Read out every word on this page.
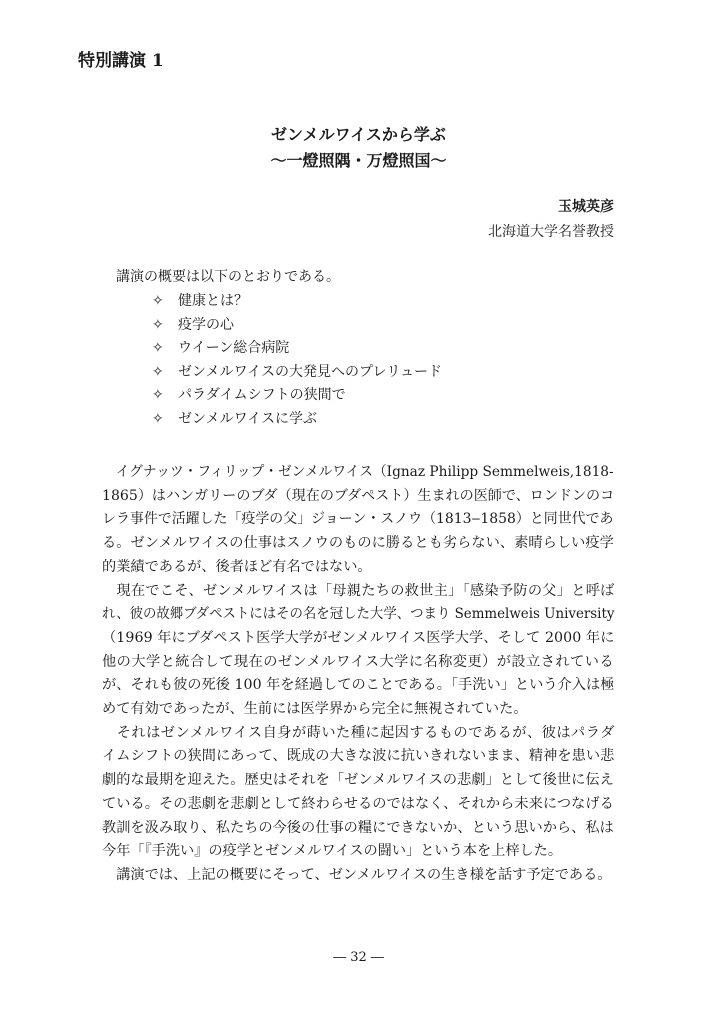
特別講演 1
ゼンメルワイスから学ぶ
〜一燈照隅・万燈照国〜
玉城英彦
北海道大学名誉教授
講演の概要は以下のとおりである。
✧ 健康とは？
✧ 疫学の心
✧ ウイーン総合病院
✧ ゼンメルワイスの大発見へのプレリュード
✧ パラダイムシフトの狭間で
✧ ゼンメルワイスに学ぶ
　イグナッツ・フィリップ・ゼンメルワイス（Ignaz Philipp Semmelweis,1818-
1865）はハンガリーのブダ（現在のブダペスト）生まれの医師で、ロンドンのコ
レラ事件で活躍した「疫学の父」ジョーン・スノウ（1813‒1858）と同世代であ
る。ゼンメルワイスの仕事はスノウのものに勝るとも劣らない、素晴らしい疫学
的業績であるが、後者ほど有名ではない。
　現在でこそ、ゼンメルワイスは「母親たちの救世主」「感染予防の父」と呼ば
れ、彼の故郷ブダペストにはその名を冠した大学、つまり Semmelweis University
（1969 年にブダペスト医学大学がゼンメルワイス医学大学、そして 2000 年に
他の大学と統合して現在のゼンメルワイス大学に名称変更）が設立されている
が、それも彼の死後 100 年を経過してのことである。「手洗い」という介入は極
めて有効であったが、生前には医学界から完全に無視されていた。
　それはゼンメルワイス自身が蒔いた種に起因するものであるが、彼はパラダ
イムシフトの狭間にあって、既成の大きな波に抗いきれないまま、精神を患い悲
劇的な最期を迎えた。歴史はそれを「ゼンメルワイスの悲劇」として後世に伝え
ている。その悲劇を悲劇として終わらせるのではなく、それから未来につなげる
教訓を汲み取り、私たちの今後の仕事の糧にできないか、という思いから、私は
今年「『手洗い』の疫学とゼンメルワイスの闘い」という本を上梓した。
　講演では、上記の概要にそって、ゼンメルワイスの生き様を話す予定である。
― 32 ―
